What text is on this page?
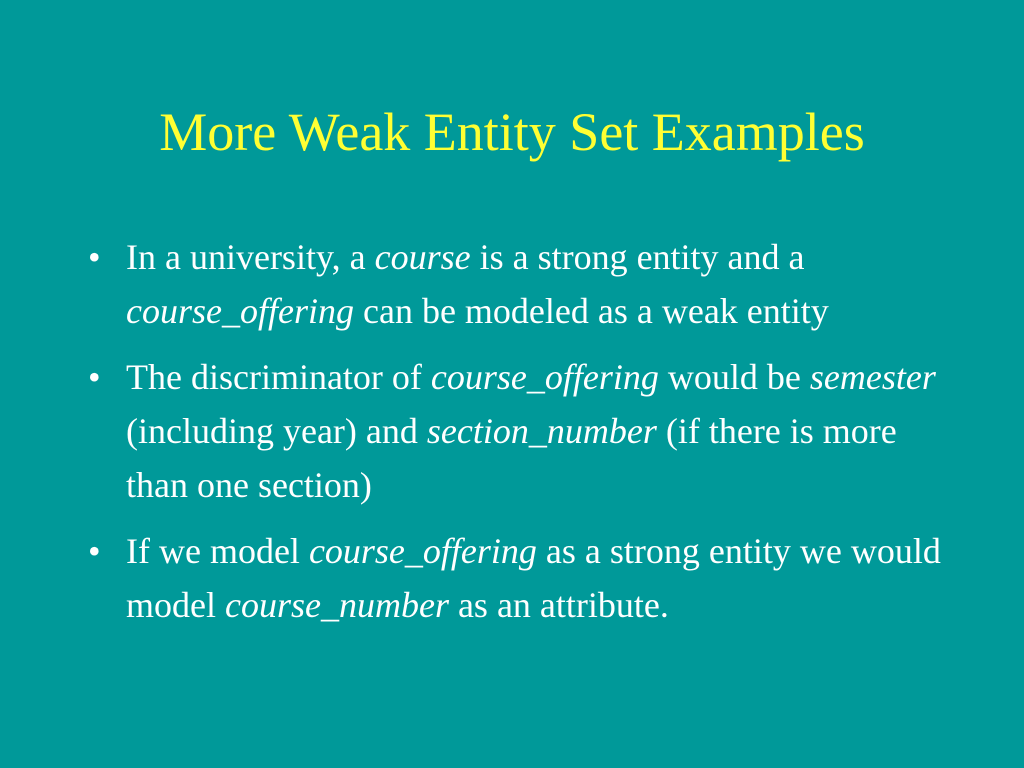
More Weak Entity Set Examples
• In a university, a course is a strong entity and a course_offering can be modeled as a weak entity
• The discriminator of course_offering would be semester (including year) and section_number (if there is more than one section)
• If we model course_offering as a strong entity we would model course_number as an attribute.
